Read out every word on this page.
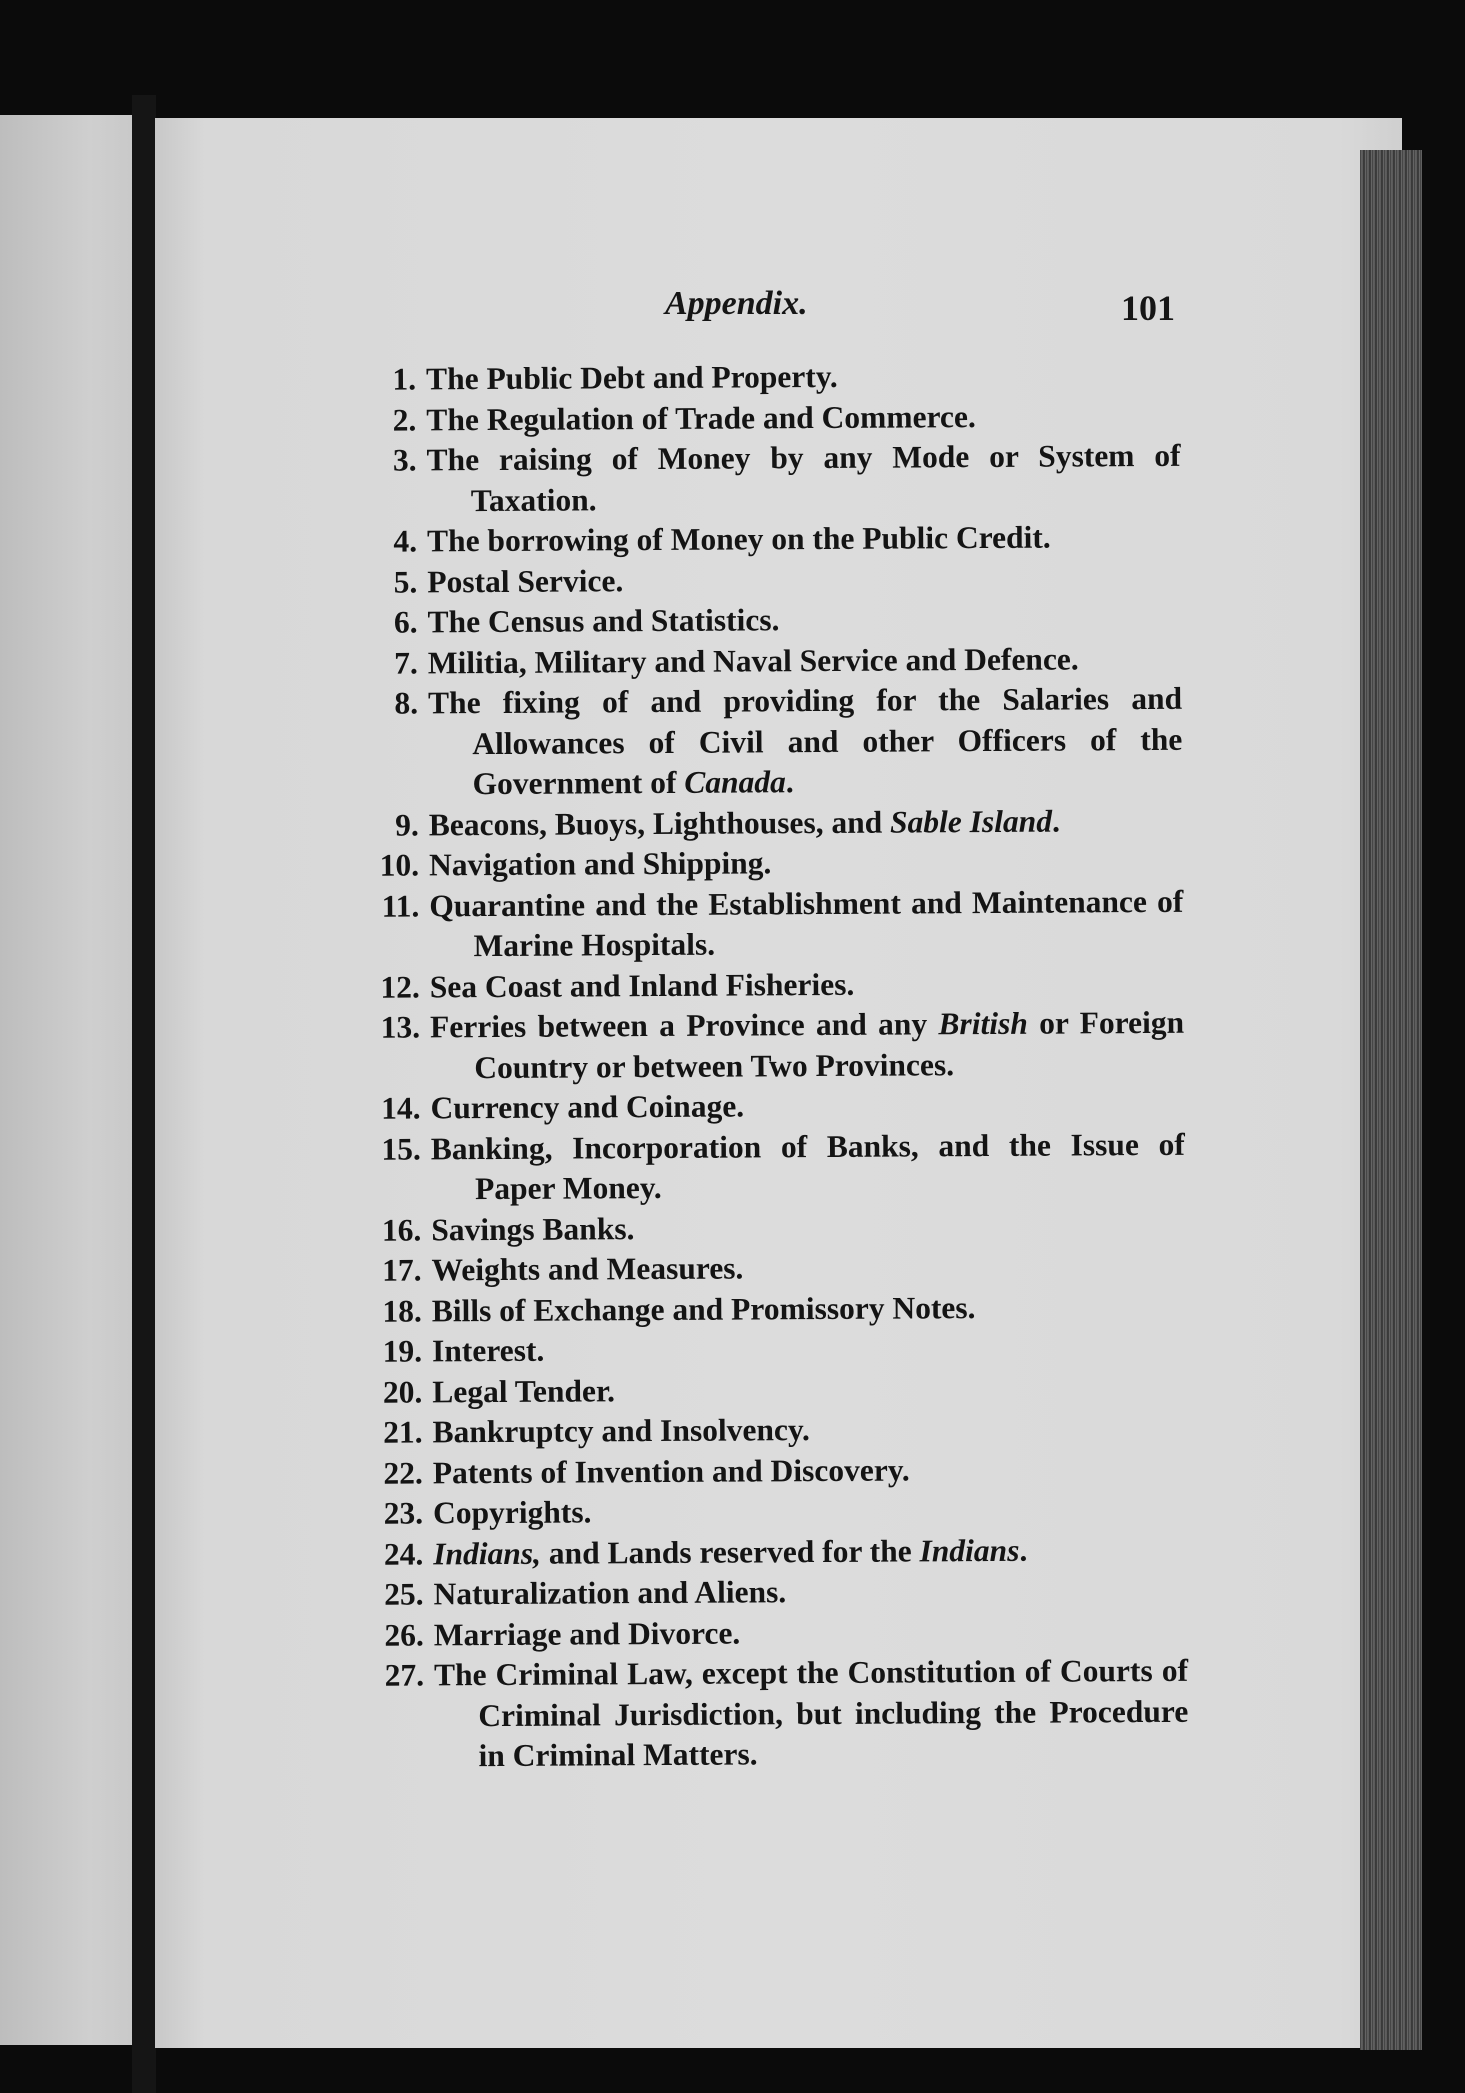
Appendix.	101
1. The Public Debt and Property.
2. The Regulation of Trade and Commerce.
3. The raising of Money by any Mode or System of Taxation.
4. The borrowing of Money on the Public Credit.
5. Postal Service.
6. The Census and Statistics.
7. Militia, Military and Naval Service and Defence.
8. The fixing of and providing for the Salaries and Allowances of Civil and other Officers of the Government of Canada.
9. Beacons, Buoys, Lighthouses, and Sable Island.
10. Navigation and Shipping.
11. Quarantine and the Establishment and Maintenance of Marine Hospitals.
12. Sea Coast and Inland Fisheries.
13. Ferries between a Province and any British or Foreign Country or between Two Provinces.
14. Currency and Coinage.
15. Banking, Incorporation of Banks, and the Issue of Paper Money.
16. Savings Banks.
17. Weights and Measures.
18. Bills of Exchange and Promissory Notes.
19. Interest.
20. Legal Tender.
21. Bankruptcy and Insolvency.
22. Patents of Invention and Discovery.
23. Copyrights.
24. Indians, and Lands reserved for the Indians.
25. Naturalization and Aliens.
26. Marriage and Divorce.
27. The Criminal Law, except the Constitution of Courts of Criminal Jurisdiction, but including the Procedure in Criminal Matters.
